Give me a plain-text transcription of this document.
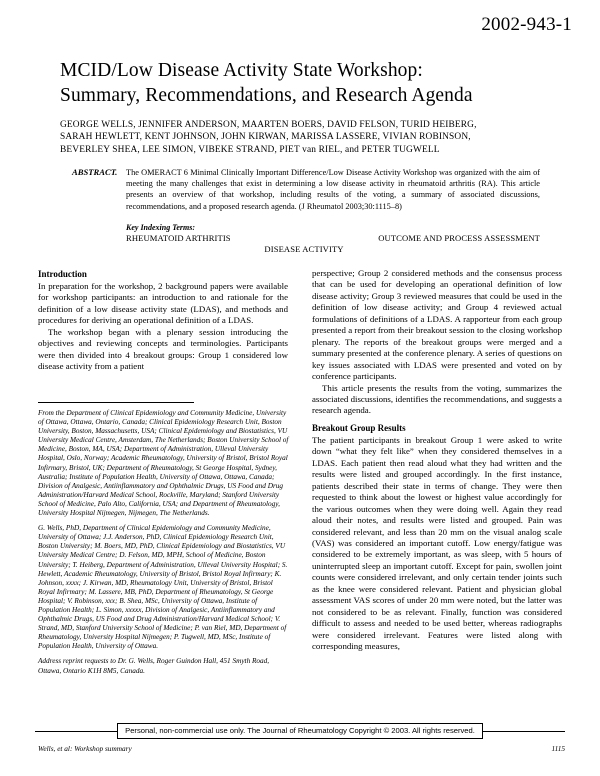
2002-943-1
MCID/Low Disease Activity State Workshop:
Summary, Recommendations, and Research Agenda
GEORGE WELLS, JENNIFER ANDERSON, MAARTEN BOERS, DAVID FELSON, TURID HEIBERG,
SARAH HEWLETT, KENT JOHNSON, JOHN KIRWAN, MARISSA LASSERE, VIVIAN ROBINSON,
BEVERLEY SHEA, LEE SIMON, VIBEKE STRAND, PIET van RIEL, and PETER TUGWELL
ABSTRACT.	The OMERACT 6 Minimal Clinically Important Difference/Low Disease Activity Workshop was organized with the aim of meeting the many challenges that exist in determining a low disease activity in rheumatoid arthritis (RA). This article presents an overview of that workshop, including results of the voting, a summary of associated discussions, recommendations, and a proposed research agenda. (J Rheumatol 2003;30:1115–8)
Key Indexing Terms:
RHEUMATOID ARTHRITIS	OUTCOME AND PROCESS ASSESSMENT
DISEASE ACTIVITY
Introduction

In preparation for the workshop, 2 background papers were available for workshop participants: an introduction to and rationale for the definition of a low disease activity state (LDAS), and methods and procedures for deriving an operational definition of a LDAS.

The workshop began with a plenary session introducing the objectives and reviewing concepts and terminologies. Participants were then divided into 4 breakout groups: Group 1 considered low disease activity from a patient

perspective; Group 2 considered methods and the consensus process that can be used for developing an operational definition of low disease activity; Group 3 reviewed measures that could be used in the definition of low disease activity; and Group 4 reviewed actual formulations of definitions of a LDAS. A rapporteur from each group presented a report from their breakout session to the closing workshop plenary. The reports of the breakout groups were merged and a summary presented at the conference plenary. A series of questions on key issues associated with LDAS were presented and voted on by conference participants.

This article presents the results from the voting, summarizes the associated discussions, identifies the recommendations, and suggests a research agenda.

Breakout Group Results

The patient participants in breakout Group 1 were asked to write down “what they felt like” when they considered themselves in a LDAS. Each patient then read aloud what they had written and the results were listed and grouped accordingly. In the first instance, patients described their state in terms of change. They were then requested to think about the lowest or highest value accordingly for the various outcomes when they were doing well. Again they read aloud their notes, and results were listed and grouped. Pain was considered relevant, and less than 20 mm on the visual analog scale (VAS) was considered an important cutoff. Low energy/fatigue was considered to be extremely important, as was sleep, with 5 hours of uninterrupted sleep an important cutoff. Except for pain, swollen joint counts were considered irrelevant, and only certain tender joints such as the knee were considered relevant. Patient and physician global assessment VAS scores of under 20 mm were noted, but the latter was not considered to be as relevant. Finally, function was considered difficult to assess and needed to be used better, whereas radiographs were considered irrelevant. Features were listed along with corresponding measures,

From the Department of Clinical Epidemiology and Community Medicine, University of Ottawa, Ottawa, Ontario, Canada; Clinical Epidemiology Research Unit, Boston University, Boston, Massachusetts, USA; Clinical Epidemiology and Biostatistics, VU University Medical Centre, Amsterdam, The Netherlands; Boston University School of Medicine, Boston, MA, USA; Department of Administration, Ulleval University Hospital, Oslo, Norway; Academic Rheumatology, University of Bristol, Bristol Royal Infirmary, Bristol, UK; Department of Rheumatology, St George Hospital, Sydney, Australia; Institute of Population Health, University of Ottawa, Ottawa, Canada; Division of Analgesic, Antiinflammatory and Ophthalmic Drugs, US Food and Drug Administration/Harvard Medical School, Rockville, Maryland; Stanford University School of Medicine, Palo Alto, California, USA; and Department of Rheumatology, University Hospital Nijmegen, Nijmegen, The Netherlands.

G. Wells, PhD, Department of Clinical Epidemiology and Community Medicine, University of Ottawa; J.J. Anderson, PhD, Clinical Epidemiology Research Unit, Boston University; M. Boers, MD, PhD, Clinical Epidemiology and Biostatistics, VU University Medical Centre; D. Felson, MD, MPH, School of Medicine, Boston University; T. Heiberg, Department of Administration, Ulleval University Hospital; S. Hewlett, Academic Rheumatology, University of Bristol, Bristol Royal Infirmary; K. Johnson, xxxx; J. Kirwan, MD, Rheumatology Unit, University of Bristol, Bristol Royal Infirmary; M. Lassere, MB, PhD, Department of Rheumatology, St George Hospital; V. Robinson, xxx; B. Shea, MSc, University of Ottawa, Institute of Population Health; L. Simon, xxxxx, Division of Analgesic, Antiinflammatory and Ophthalmic Drugs, US Food and Drug Administration/Harvard Medical School; V. Strand, MD, Stanford University School of Medicine; P. van Riel, MD, Department of Rheumatology, University Hospital Nijmegen; P. Tugwell, MD, MSc, Institute of Population Health, University of Ottawa.

Address reprint requests to Dr. G. Wells, Roger Guindon Hall, 451 Smyth Road, Ottawa, Ontario K1H 8M5, Canada.

Personal, non-commercial use only. The Journal of Rheumatology Copyright © 2003. All rights reserved.
Wells, et al: Workshop summary	1115
